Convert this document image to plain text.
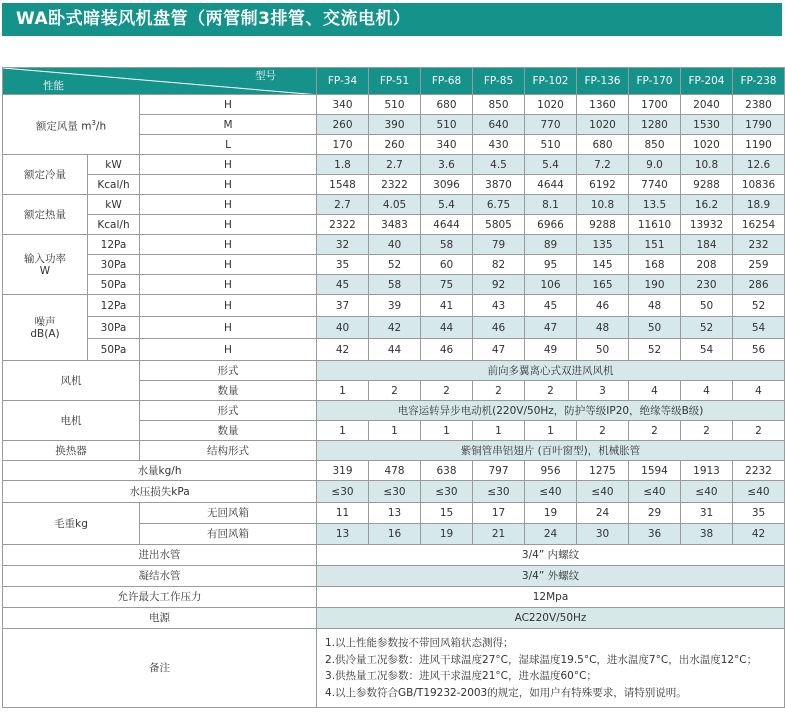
WA卧式暗装风机盘管（两管制3排管、交流电机）
型号
性能			FP-34	FP-51	FP-68	FP-85	FP-102	FP-136	FP-170	FP-204	FP-238
额定风量 $m^3/h$		H	340	510	680	850	1020	1360	1700	2040	2380
		M	260	390	510	640	770	1020	1280	1530	1790
		L	170	260	340	430	510	680	850	1020	1190
额定冷量	kW	H	1.8	2.7	3.6	4.5	5.4	7.2	9.0	10.8	12.6
	Kcal/h	H	1548	2322	3096	3870	4644	6192	7740	9288	10836
额定热量	kW	H	2.7	4.05	5.4	6.75	8.1	10.8	13.5	16.2	18.9
	Kcal/h	H	2322	3483	4644	5805	6966	9288	11610	13932	16254
输入功率
W	12Pa	H	32	40	58	79	89	135	151	184	232
	30Pa	H	35	52	60	82	95	145	168	208	259
	50Pa	H	45	58	75	92	106	165	190	230	286
噪声
dB(A)	12Pa	H	37	39	41	43	45	46	48	50	52
	30Pa	H	40	42	44	46	47	48	50	52	54
	50Pa	H	42	44	46	47	49	50	52	54	56
风机		形式	前向多翼离心式双进风风机								
		数量	1	2	2	2	2	3	4	4	4
电机		形式	电容运转异步电动机(220V/50Hz，防护等级IP20，绝缘等级B级)								
		数量	1	1	1	1	1	2	2	2	2
换热器		结构形式	紫铜管串铝翅片 (百叶窗型)，机械胀管								
水量kg/h			319	478	638	797	956	1275	1594	1913	2232
水压损失kPa			≤30	≤30	≤30	≤30	≤40	≤40	≤40	≤40	≤40
毛重kg		无回风箱	11	13	15	17	19	24	29	31	35
		有回风箱	13	16	19	21	24	30	36	38	42
进出水管			3/4” 内螺纹								
凝结水管			3/4” 外螺纹								
允许最大工作压力			12Mpa								
电源			AC220V/50Hz								
备注			1.以上性能参数按不带回风箱状态测得；
2.供冷量工况参数：进风干球温度27°C，湿球温度19.5°C，进水温度7°C，出水温度12°C；
3.供热量工况参数：进风干求温度21°C，进水温度60°C；
4.以上参数符合GB/T19232-2003的规定，如用户有特殊要求，请特别说明。								
